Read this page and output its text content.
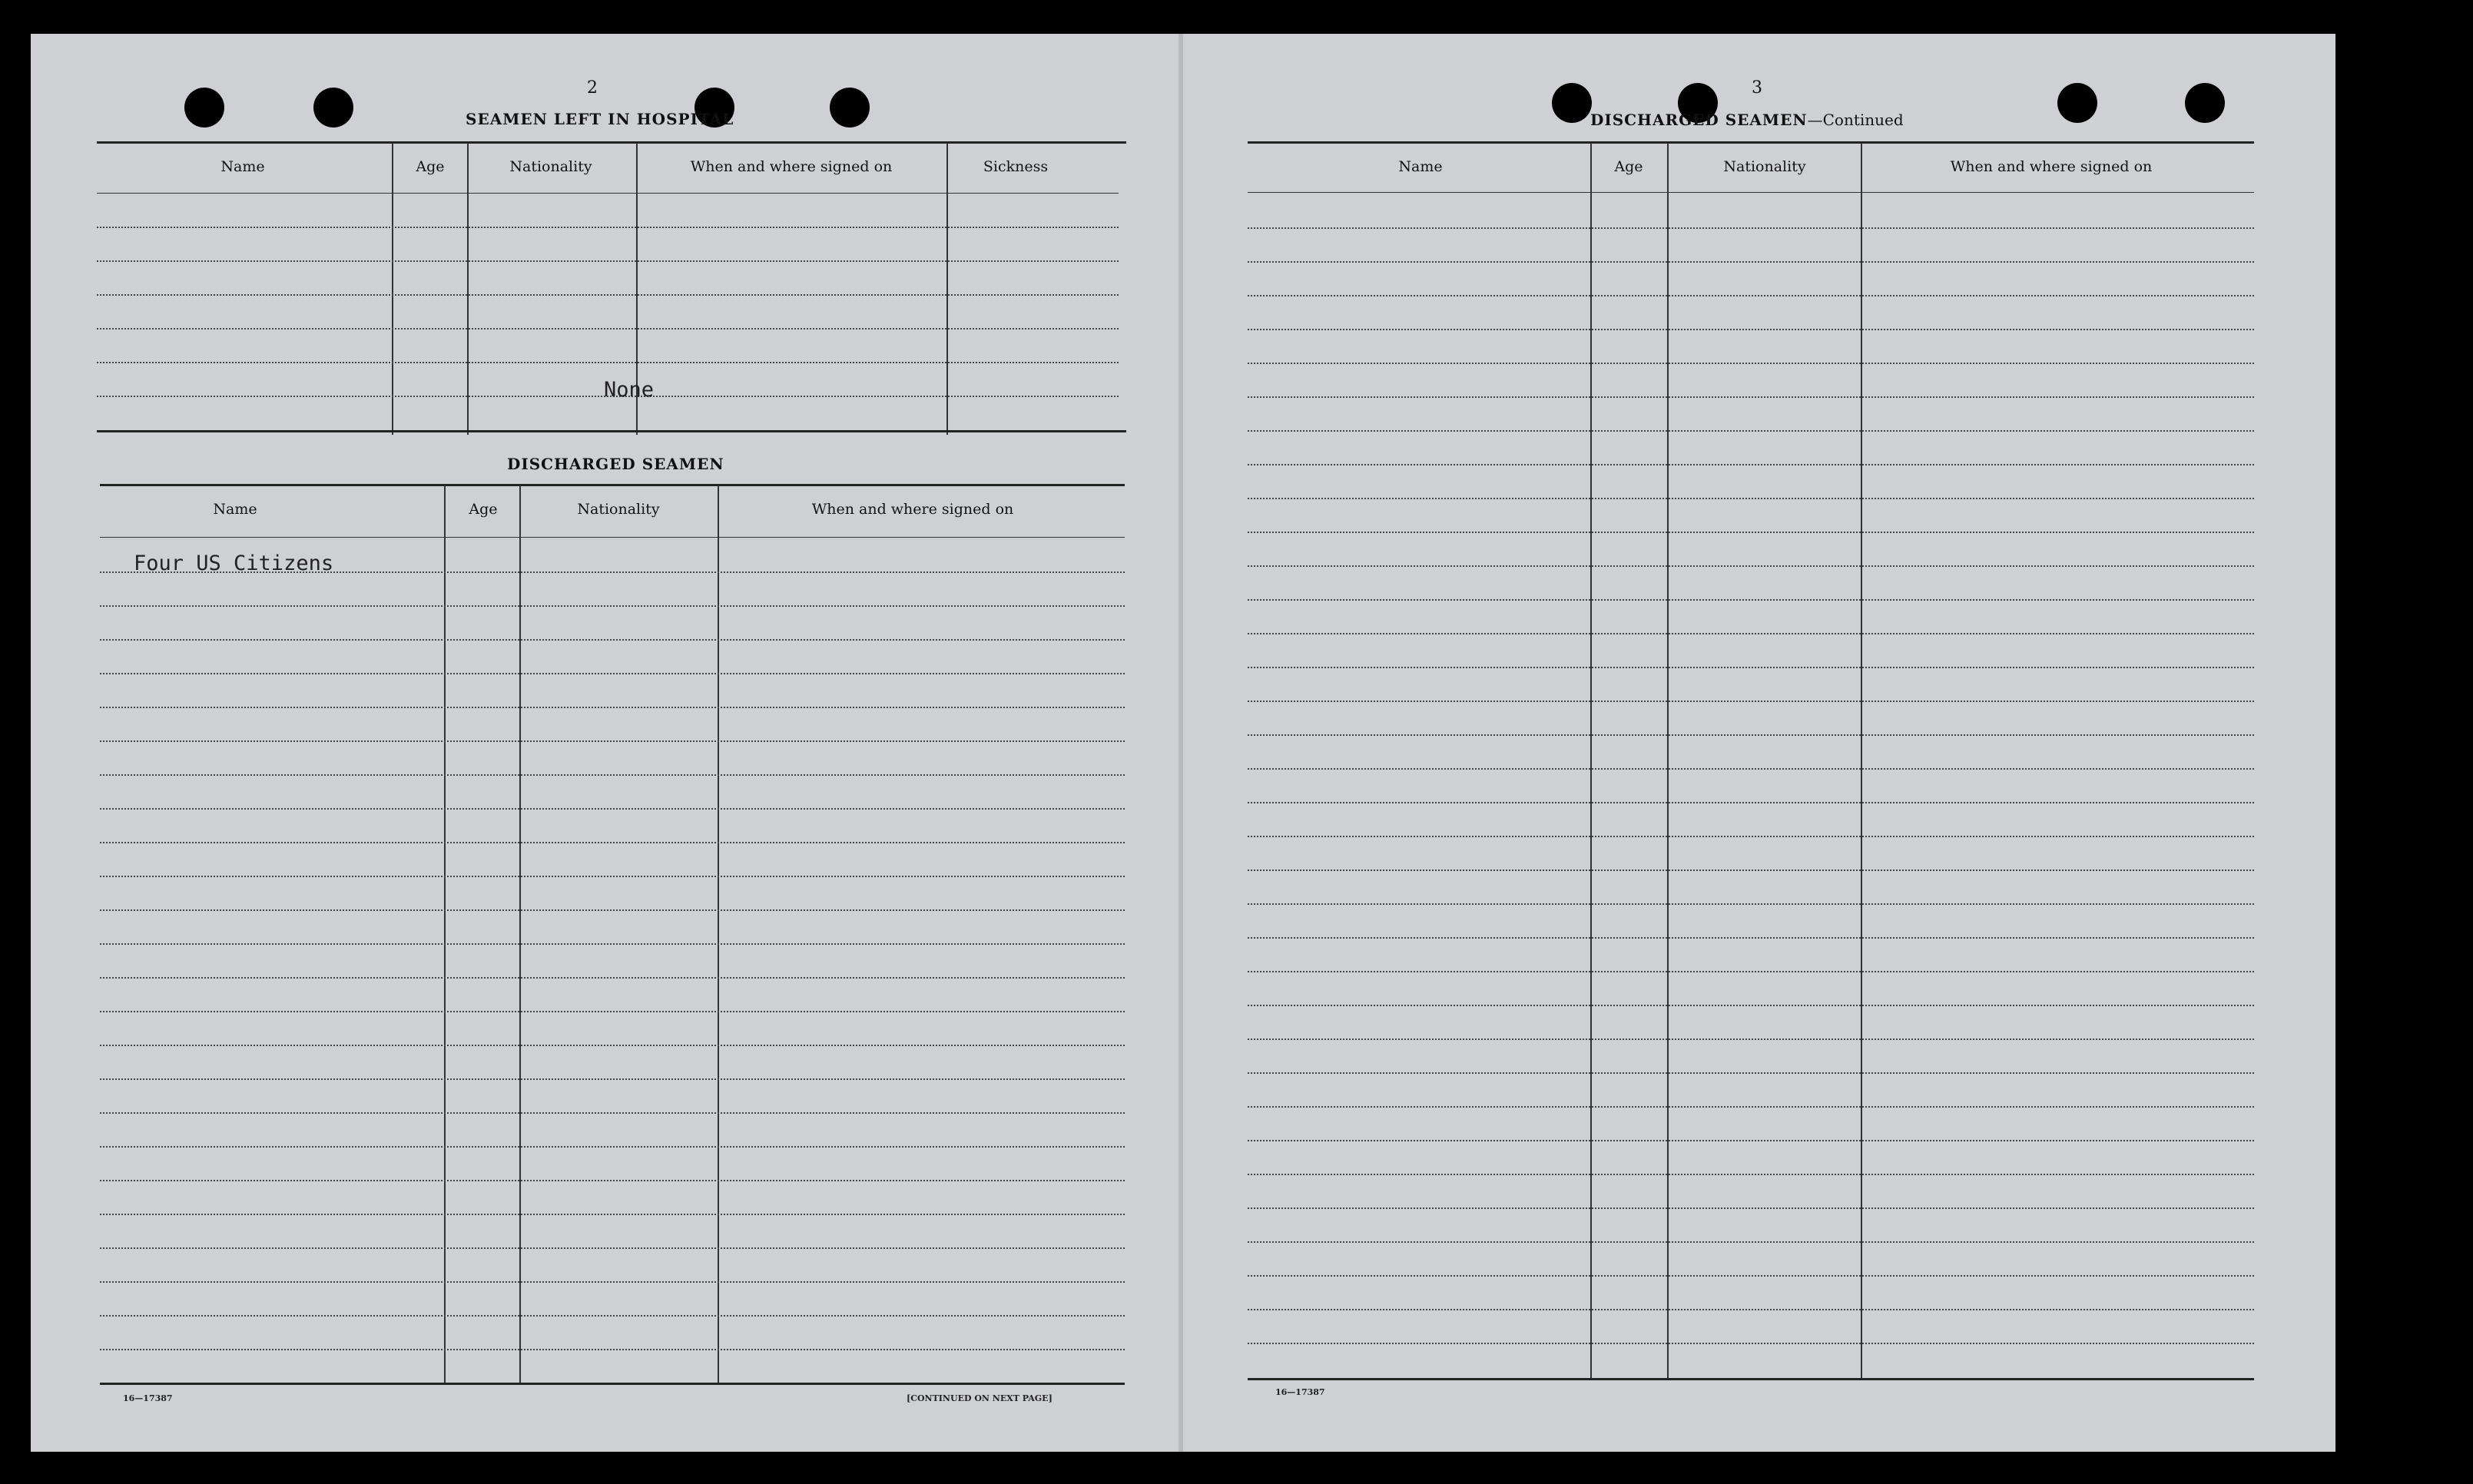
2
SEAMEN LEFT IN HOSPITAL
Name	Age	Nationality	When and where signed on	Sickness
None
DISCHARGED SEAMEN
Name	Age	Nationality	When and where signed on
Four US Citizens
16—17387	[CONTINUED ON NEXT PAGE]
3
DISCHARGED SEAMEN—Continued
Name	Age	Nationality	When and where signed on
16—17387
